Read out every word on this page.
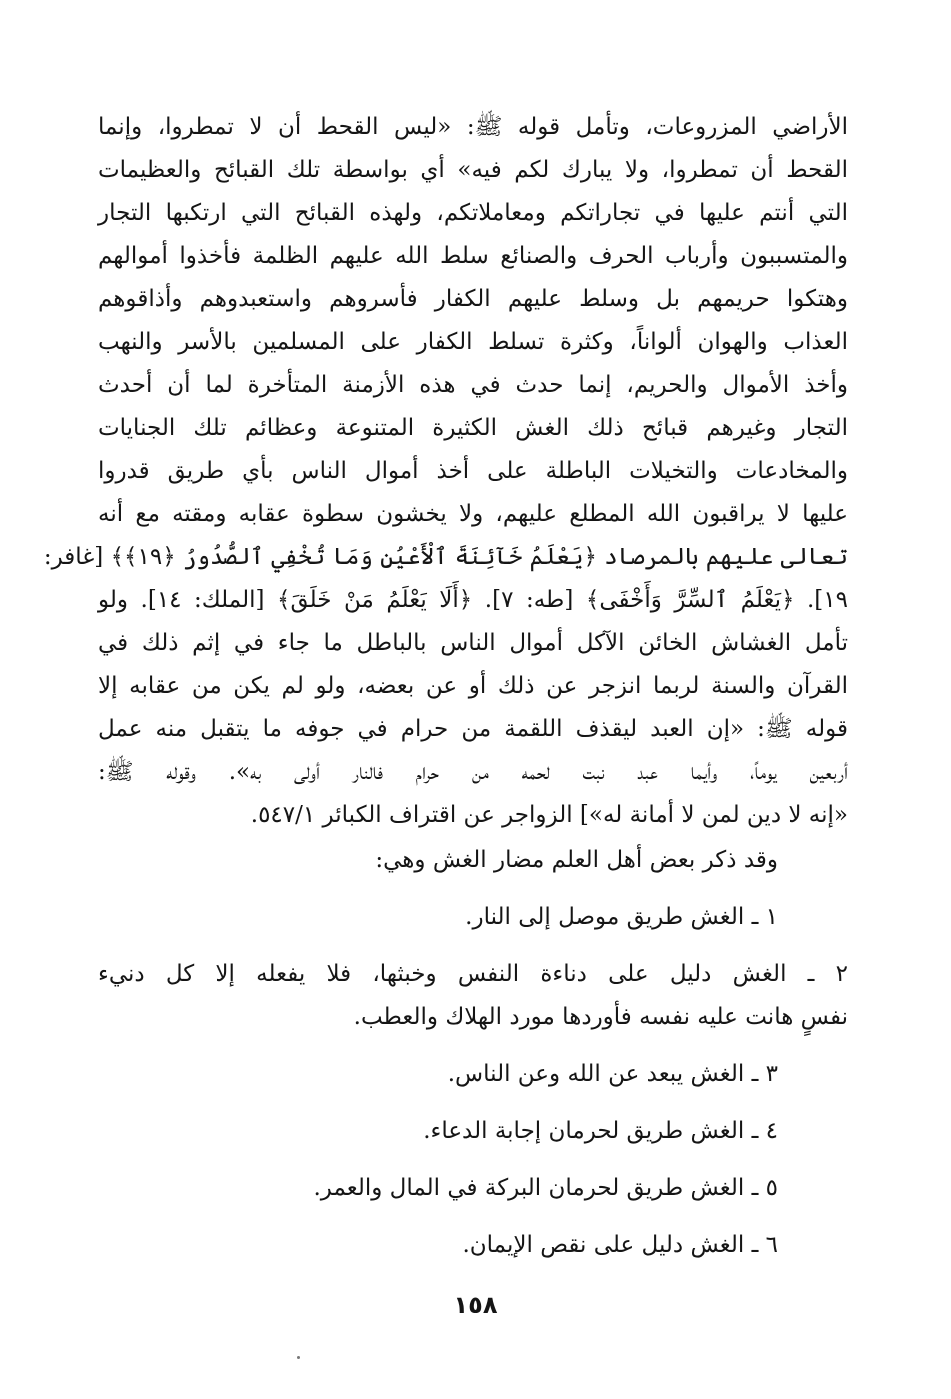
الأراضي المزروعات، وتأمل قوله ﷺ: «ليس القحط أن لا تمطروا، وإنما
القحط أن تمطروا، ولا يبارك لكم فيه» أي بواسطة تلك القبائح والعظيمات
التي أنتم عليها في تجاراتكم ومعاملاتكم، ولهذه القبائح التي ارتكبها التجار
والمتسببون وأرباب الحرف والصنائع سلط الله عليهم الظلمة فأخذوا أموالهم
وهتكوا حريمهم بل وسلط عليهم الكفار فأسروهم واستعبدوهم وأذاقوهم
العذاب والهوان ألواناً، وكثرة تسلط الكفار على المسلمين بالأسر والنهب
وأخذ الأموال والحريم، إنما حدث في هذه الأزمنة المتأخرة لما أن أحدث
التجار وغيرهم قبائح ذلك الغش الكثيرة المتنوعة وعظائم تلك الجنايات
والمخادعات والتخيلات الباطلة على أخذ أموال الناس بأي طريق قدروا
عليها لا يراقبون الله المطلع عليهم، ولا يخشون سطوة عقابه ومقته مع أنه
تعالى عليهم بالمرصاد ﴿يَعْلَمُ خَآئِنَةَ ٱلْأَعْيُنِ وَمَا تُخْفِي ٱلصُّدُورُ ﴿١٩﴾﴾ [غافر:
١٩]. ﴿يَعْلَمُ ٱلسِّرَّ وَأَخْفَى﴾ [طه: ٧]. ﴿أَلَا يَعْلَمُ مَنْ خَلَقَ﴾ [الملك: ١٤]. ولو
تأمل الغشاش الخائن الآكل أموال الناس بالباطل ما جاء في إثم ذلك في
القرآن والسنة لربما انزجر عن ذلك أو عن بعضه، ولو لم يكن من عقابه إلا
قوله ﷺ: «إن العبد ليقذف اللقمة من حرام في جوفه ما يتقبل منه عمل
أربعين يوماً، وأيما عبد نبت لحمه من حرام فالنار أولى به». وقوله ﷺ:
«إنه لا دين لمن لا أمانة له»] الزواجر عن اقتراف الكبائر ٥٤٧/١.
وقد ذكر بعض أهل العلم مضار الغش وهي:
١ ـ الغش طريق موصل إلى النار.
٢ ـ الغش دليل على دناءة النفس وخبثها، فلا يفعله إلا كل دنيء
نفسٍ هانت عليه نفسه فأوردها مورد الهلاك والعطب.
٣ ـ الغش يبعد عن الله وعن الناس.
٤ ـ الغش طريق لحرمان إجابة الدعاء.
٥ ـ الغش طريق لحرمان البركة في المال والعمر.
٦ ـ الغش دليل على نقص الإيمان.
١٥٨
